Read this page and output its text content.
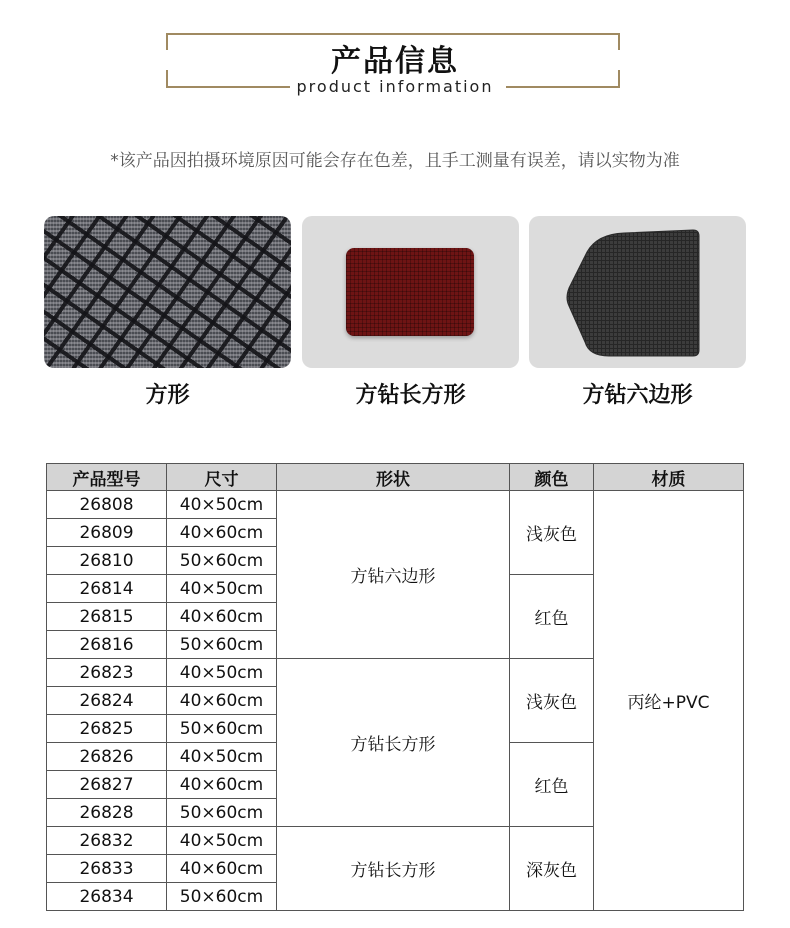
产品信息
product information
*该产品因拍摄环境原因可能会存在色差，且手工测量有误差，请以实物为准
方形	方钻长方形	方钻六边形
产品型号	尺寸	形状	颜色	材质
26808	40×50cm	方钻六边形	浅灰色	丙纶+PVC
26809	40×60cm			
26810	50×60cm			
26814	40×50cm		红色	
26815	40×60cm			
26816	50×60cm			
26823	40×50cm	方钻长方形	浅灰色	
26824	40×60cm			
26825	50×60cm			
26826	40×50cm		红色	
26827	40×60cm			
26828	50×60cm			
26832	40×50cm	方钻长方形	深灰色	
26833	40×60cm			
26834	50×60cm			
